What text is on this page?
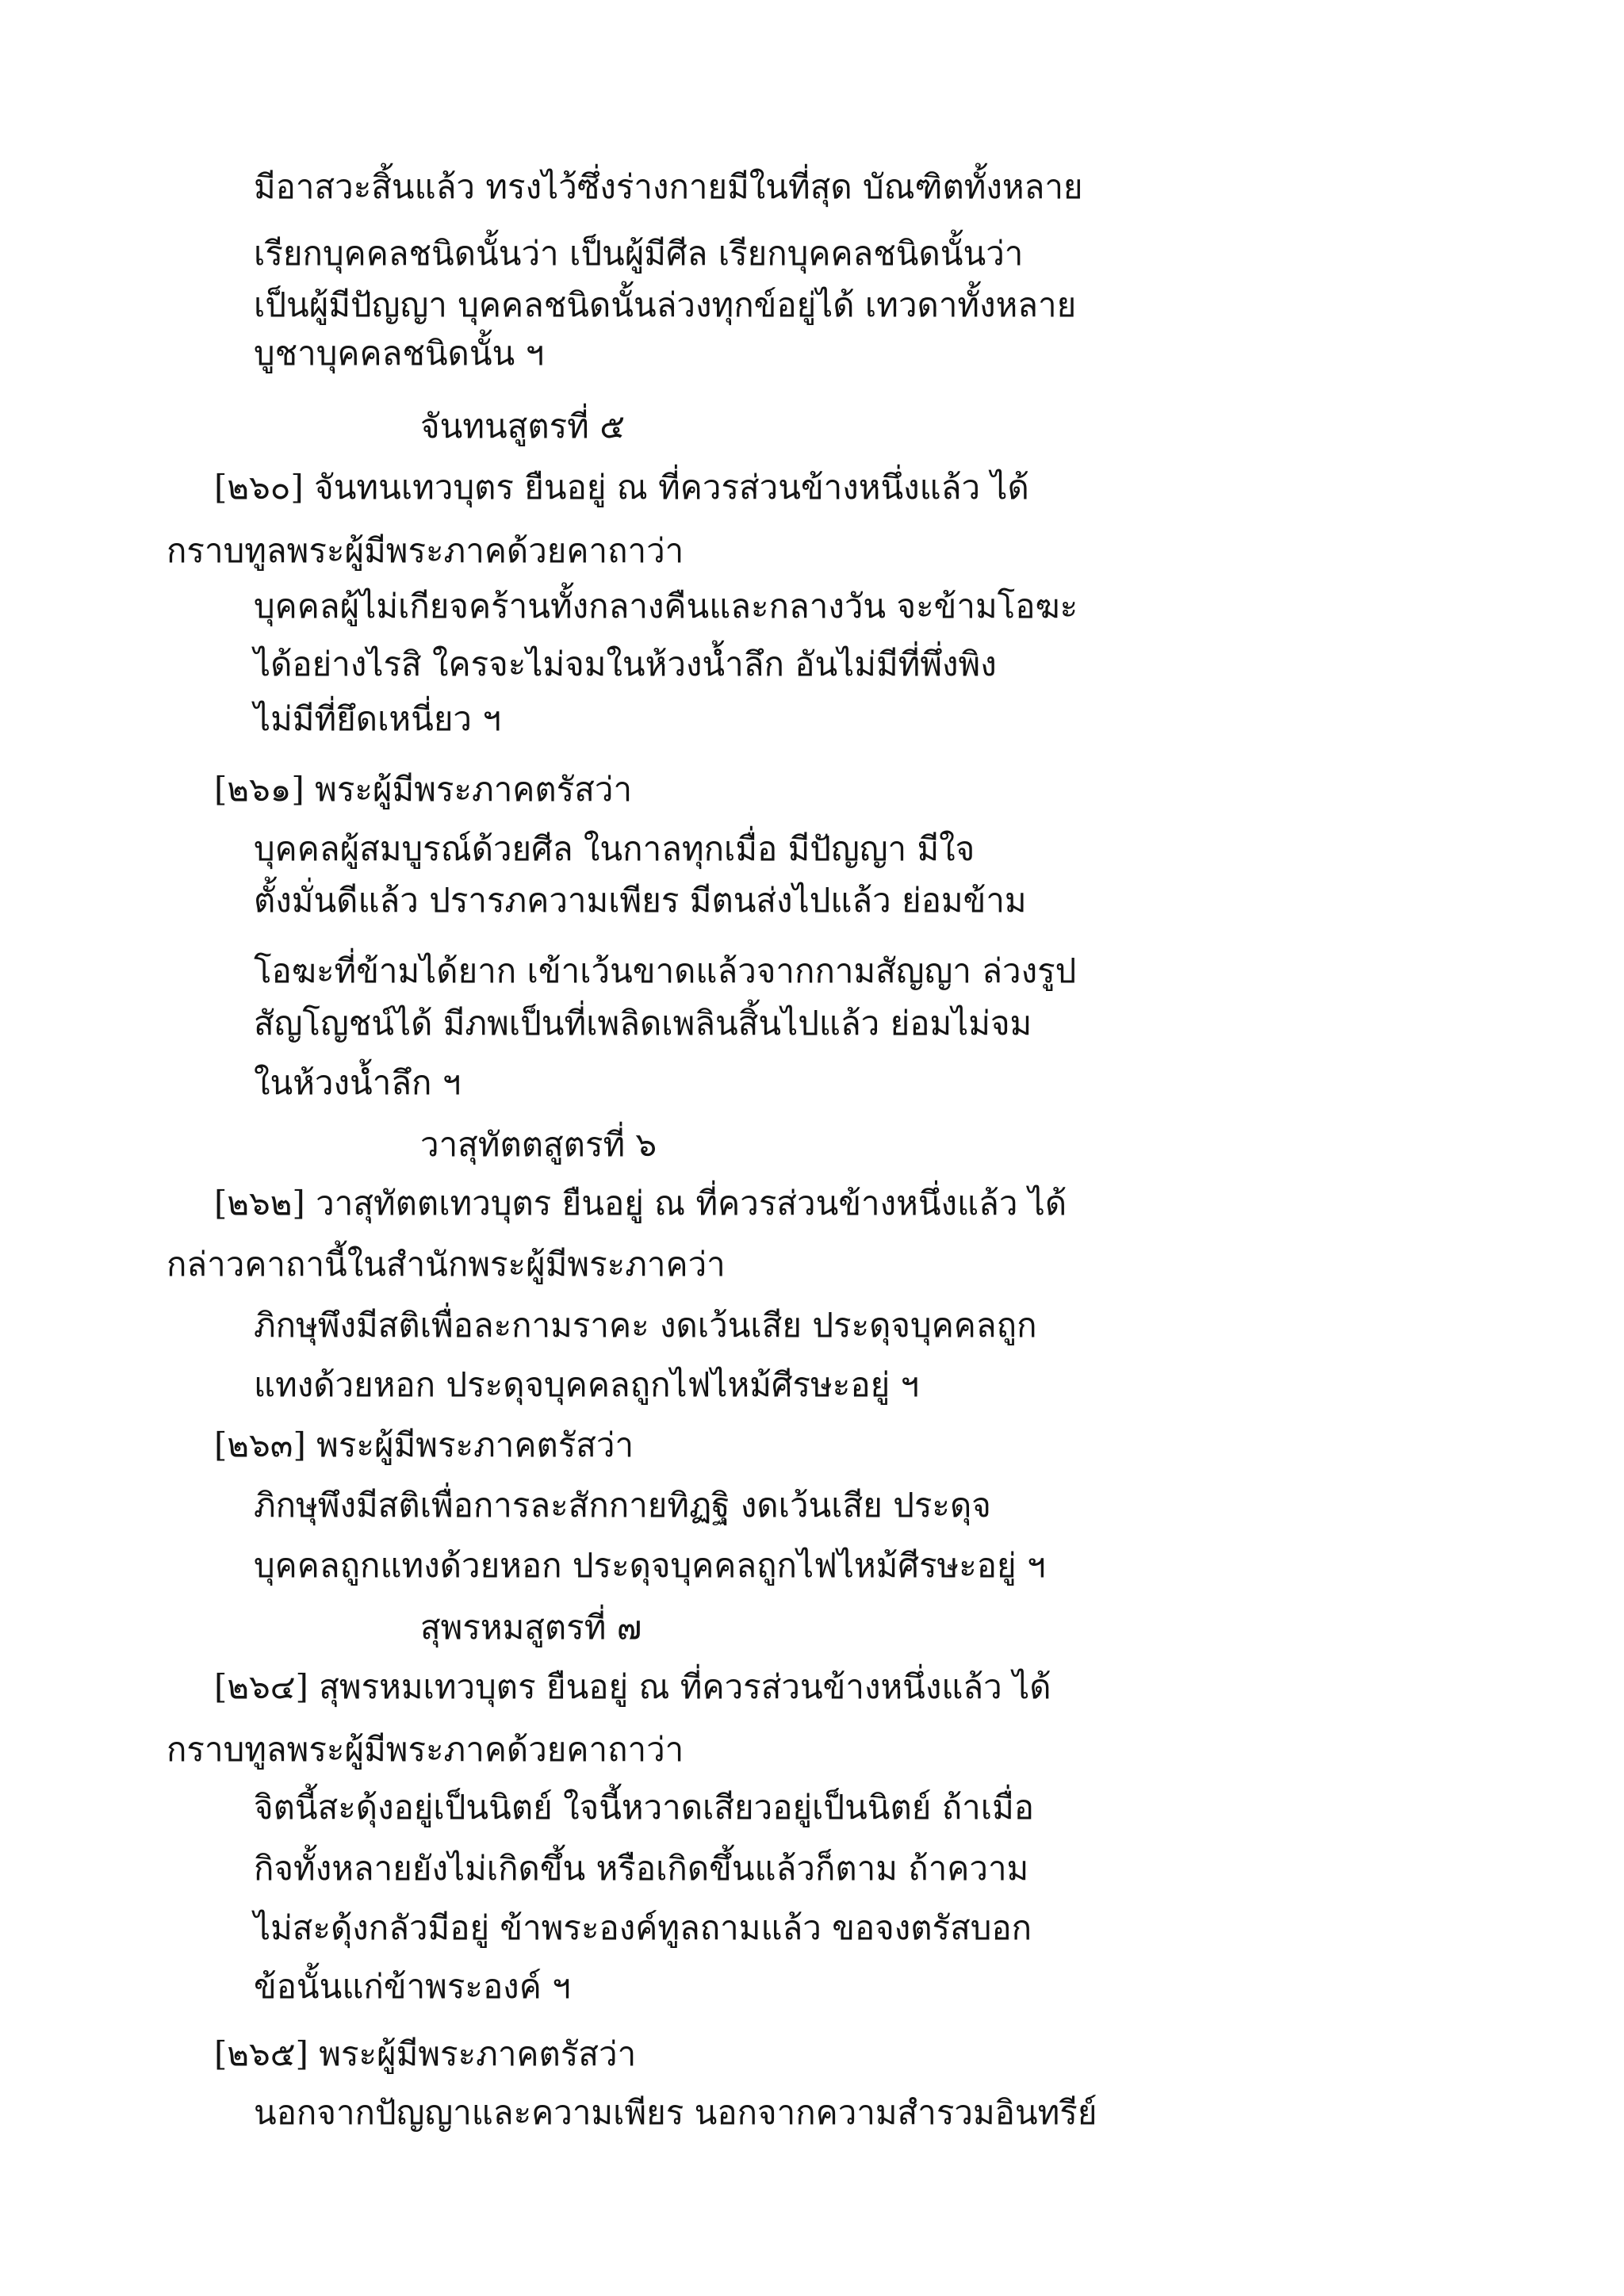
มีอาสวะสิ้นแล้ว ทรงไว้ซึ่งร่างกายมีในที่สุด บัณฑิตทั้งหลาย
เรียกบุคคลชนิดนั้นว่า เป็นผู้มีศีล เรียกบุคคลชนิดนั้นว่า
เป็นผู้มีปัญญา บุคคลชนิดนั้นล่วงทุกข์อยู่ได้ เทวดาทั้งหลาย
บูชาบุคคลชนิดนั้น ฯ
จันทนสูตรที่ ๕
[๒๖๐] จันทนเทวบุตร ยืนอยู่ ณ ที่ควรส่วนข้างหนึ่งแล้ว ได้
กราบทูลพระผู้มีพระภาคด้วยคาถาว่า
บุคคลผู้ไม่เกียจคร้านทั้งกลางคืนและกลางวัน จะข้ามโอฆะ
ได้อย่างไรสิ ใครจะไม่จมในห้วงน้ำลึก อันไม่มีที่พึ่งพิง
ไม่มีที่ยึดเหนี่ยว ฯ
[๒๖๑] พระผู้มีพระภาคตรัสว่า
บุคคลผู้สมบูรณ์ด้วยศีล ในกาลทุกเมื่อ มีปัญญา มีใจ
ตั้งมั่นดีแล้ว ปรารภความเพียร มีตนส่งไปแล้ว ย่อมข้าม
โอฆะที่ข้ามได้ยาก เข้าเว้นขาดแล้วจากกามสัญญา ล่วงรูป
สัญโญชน์ได้ มีภพเป็นที่เพลิดเพลินสิ้นไปแล้ว ย่อมไม่จม
ในห้วงน้ำลึก ฯ
วาสุทัตตสูตรที่ ๖
[๒๖๒] วาสุทัตตเทวบุตร ยืนอยู่ ณ ที่ควรส่วนข้างหนึ่งแล้ว ได้
กล่าวคาถานี้ในสำนักพระผู้มีพระภาคว่า
ภิกษุพึงมีสติเพื่อละกามราคะ งดเว้นเสีย ประดุจบุคคลถูก
แทงด้วยหอก ประดุจบุคคลถูกไฟไหม้ศีรษะอยู่ ฯ
[๒๖๓] พระผู้มีพระภาคตรัสว่า
ภิกษุพึงมีสติเพื่อการละสักกายทิฏฐิ งดเว้นเสีย ประดุจ
บุคคลถูกแทงด้วยหอก ประดุจบุคคลถูกไฟไหม้ศีรษะอยู่ ฯ
สุพรหมสูตรที่ ๗
[๒๖๔] สุพรหมเทวบุตร ยืนอยู่ ณ ที่ควรส่วนข้างหนึ่งแล้ว ได้
กราบทูลพระผู้มีพระภาคด้วยคาถาว่า
จิตนี้สะดุ้งอยู่เป็นนิตย์ ใจนี้หวาดเสียวอยู่เป็นนิตย์ ถ้าเมื่อ
กิจทั้งหลายยังไม่เกิดขึ้น หรือเกิดขึ้นแล้วก็ตาม ถ้าความ
ไม่สะดุ้งกลัวมีอยู่ ข้าพระองค์ทูลถามแล้ว ขอจงตรัสบอก
ข้อนั้นแก่ข้าพระองค์ ฯ
[๒๖๕] พระผู้มีพระภาคตรัสว่า
นอกจากปัญญาและความเพียร นอกจากความสำรวมอินทรีย์
